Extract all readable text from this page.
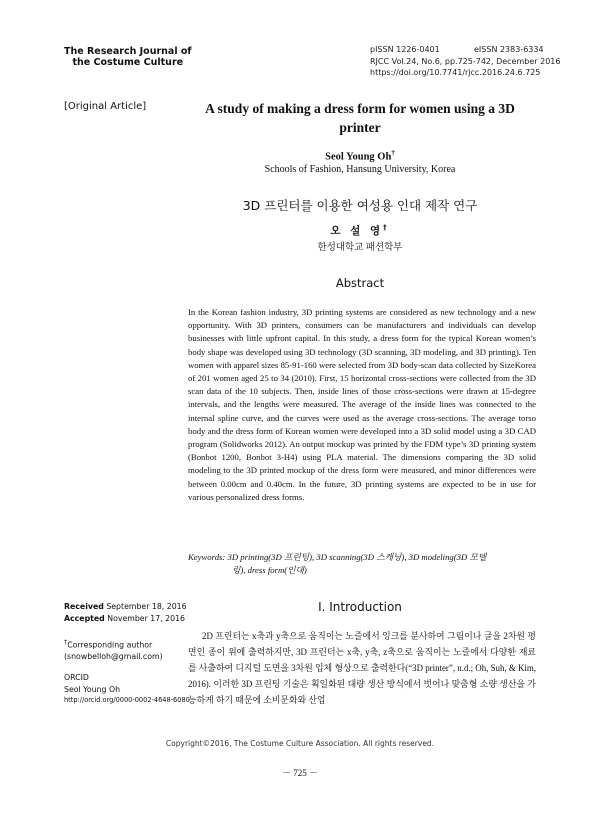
The Research Journal of
the Costume Culture
pISSN 1226-0401	eISSN 2383-6334
RJCC Vol.24, No.6, pp.725-742, December 2016
https://doi.org/10.7741/rjcc.2016.24.6.725
[Original Article]	A study of making a dress form for women using a 3D printer
Seol Young Oh†
Schools of Fashion, Hansung University, Korea
3D 프린터를 이용한 여성용 인대 제작 연구
오 설 영†
한성대학교 패션학부
Abstract
In the Korean fashion industry, 3D printing systems are considered as new technology and a new opportunity. With 3D printers, consumers can be manufacturers and individuals can develop businesses with little upfront capital. In this study, a dress form for the typical Korean women’s body shape was developed using 3D technology (3D scanning, 3D modeling, and 3D printing). Ten women with apparel sizes 85-91-160 were selected from 3D body-scan data collected by SizeKorea of 201 women aged 25 to 34 (2010). First, 15 horizontal cross-sections were collected from the 3D scan data of the 10 subjects. Then, inside lines of those cross-sections were drawn at 15-degree intervals, and the lengths were measured. The average of the inside lines was connected to the internal spline curve, and the curves were used as the average cross-sections. The average torso body and the dress form of Korean women were developed into a 3D solid model using a 3D CAD program (Solidworks 2012). An output mockup was printed by the FDM type’s 3D printing system (Bonbot 1200, Bonbot 3-H4) using PLA material. The dimensions comparing the 3D solid modeling to the 3D printed mockup of the dress form were measured, and minor differences were between 0.00cm and 0.40cm. In the future, 3D printing systems are expected to be in use for various personalized dress forms.
Keywords: 3D printing(3D 프린팅), 3D scanning(3D 스캐닝), 3D modeling(3D 모델
링), dress form(인대)
Received September 18, 2016
Accepted November 17, 2016
†Corresponding author
(snowbelloh@gmail.com)
ORCID
Seol Young Oh
http://orcid.org/0000-0002-4648-6080
I. Introduction
2D 프린터는 x축과 y축으로 움직이는 노즐에서 잉크를 분사하여 그림이나 글을 2차원 평면인 종이 위에 출력하지만, 3D 프린터는 x축, y축, z축으로 움직이는 노즐에서 다양한 재료를 사출하여 디지털 도면을 3차원 입체 형상으로 출력한다(“3D printer”, n.d.; Oh, Suh, & Kim, 2016). 이러한 3D 프린팅 기술은 획일화된 대량 생산 방식에서 벗어나 맞춤형 소량 생산을 가능하게 하기 때문에 소비문화와 산업
Copyright©2016, The Costume Culture Association. All rights reserved.
－ 725 －
